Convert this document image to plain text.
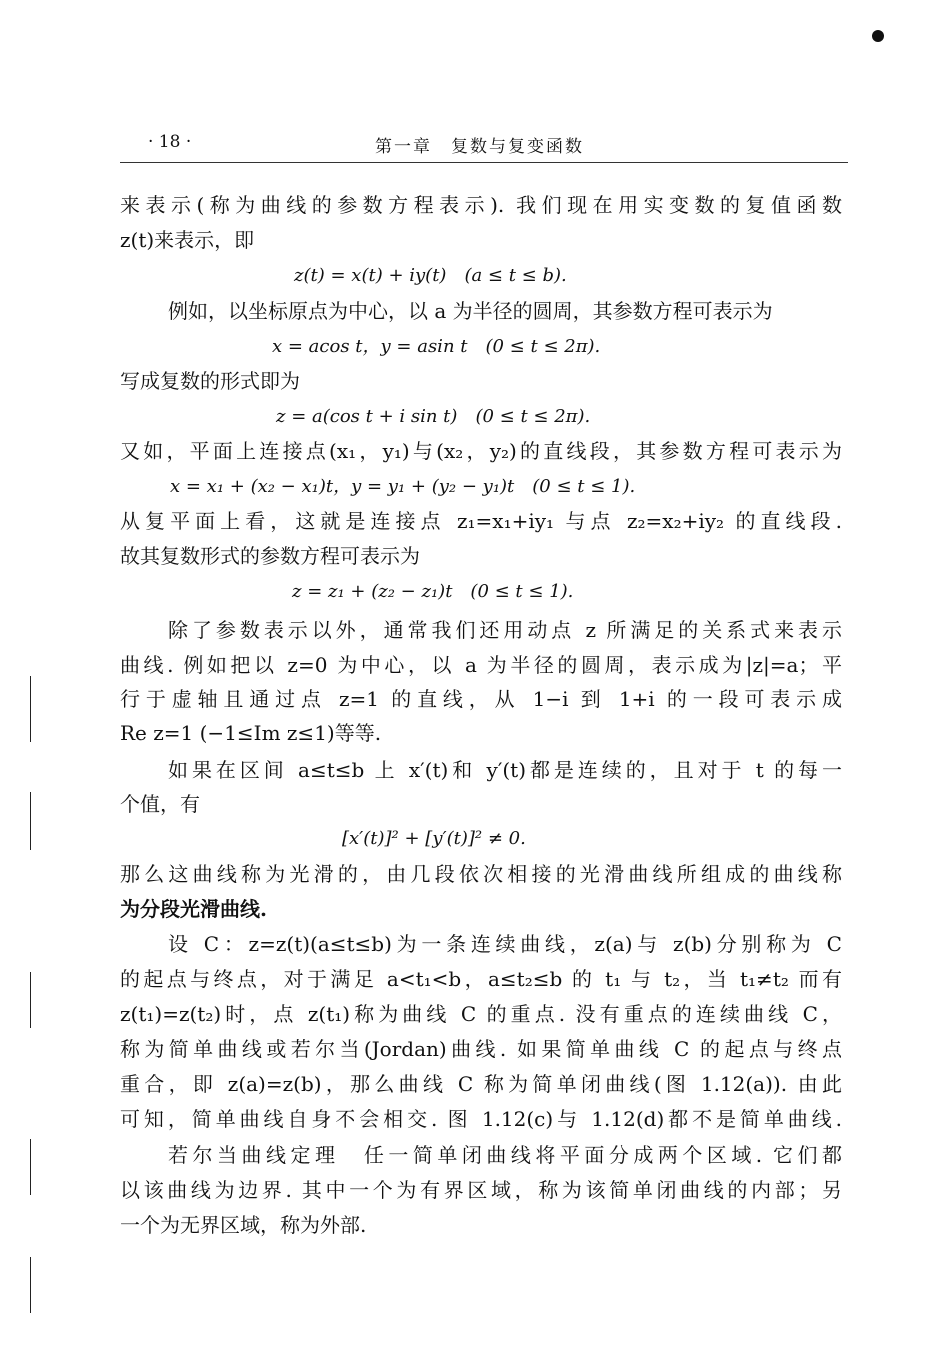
· 18 ·	第一章　复数与复变函数
来表示(称为曲线的参数方程表示). 我们现在用实变数的复值函数
z(t)来表示，即
z(t) = x(t) + iy(t)　(a ≤ t ≤ b).
例如，以坐标原点为中心，以 a 为半径的圆周，其参数方程可表示为
x = acos t，y = asin t　(0 ≤ t ≤ 2π).
写成复数的形式即为
z = a(cos t + i sin t)　(0 ≤ t ≤ 2π).
又如，平面上连接点(x₁，y₁)与(x₂，y₂)的直线段，其参数方程可表示为
x = x₁ + (x₂ − x₁)t，y = y₁ + (y₂ − y₁)t　(0 ≤ t ≤ 1).
从复平面上看，这就是连接点 z₁=x₁+iy₁ 与点 z₂=x₂+iy₂ 的直线段.
故其复数形式的参数方程可表示为
z = z₁ + (z₂ − z₁)t　(0 ≤ t ≤ 1).
除了参数表示以外，通常我们还用动点 z 所满足的关系式来表示
曲线. 例如把以 z=0 为中心，以 a 为半径的圆周，表示成为|z|=a；平
行于虚轴且通过点 z=1 的直线，从 1−i 到 1+i 的一段可表示成
Re z=1 (−1≤Im z≤1)等等.
如果在区间 a≤t≤b 上 x′(t)和 y′(t)都是连续的，且对于 t 的每一
个值，有
[x′(t)]² + [y′(t)]² ≠ 0.
那么这曲线称为光滑的，由几段依次相接的光滑曲线所组成的曲线称
为分段光滑曲线.
设 C：z=z(t)(a≤t≤b)为一条连续曲线，z(a)与 z(b)分别称为 C
的起点与终点，对于满足 a<t₁<b，a≤t₂≤b 的 t₁ 与 t₂，当 t₁≠t₂ 而有
z(t₁)=z(t₂)时，点 z(t₁)称为曲线 C 的重点. 没有重点的连续曲线 C，
称为简单曲线或若尔当(Jordan)曲线. 如果简单曲线 C 的起点与终点
重合，即 z(a)=z(b)，那么曲线 C 称为简单闭曲线(图 1.12(a)). 由此
可知，简单曲线自身不会相交. 图 1.12(c)与 1.12(d)都不是简单曲线.
若尔当曲线定理　任一简单闭曲线将平面分成两个区域. 它们都
以该曲线为边界. 其中一个为有界区域，称为该简单闭曲线的内部；另
一个为无界区域，称为外部.
